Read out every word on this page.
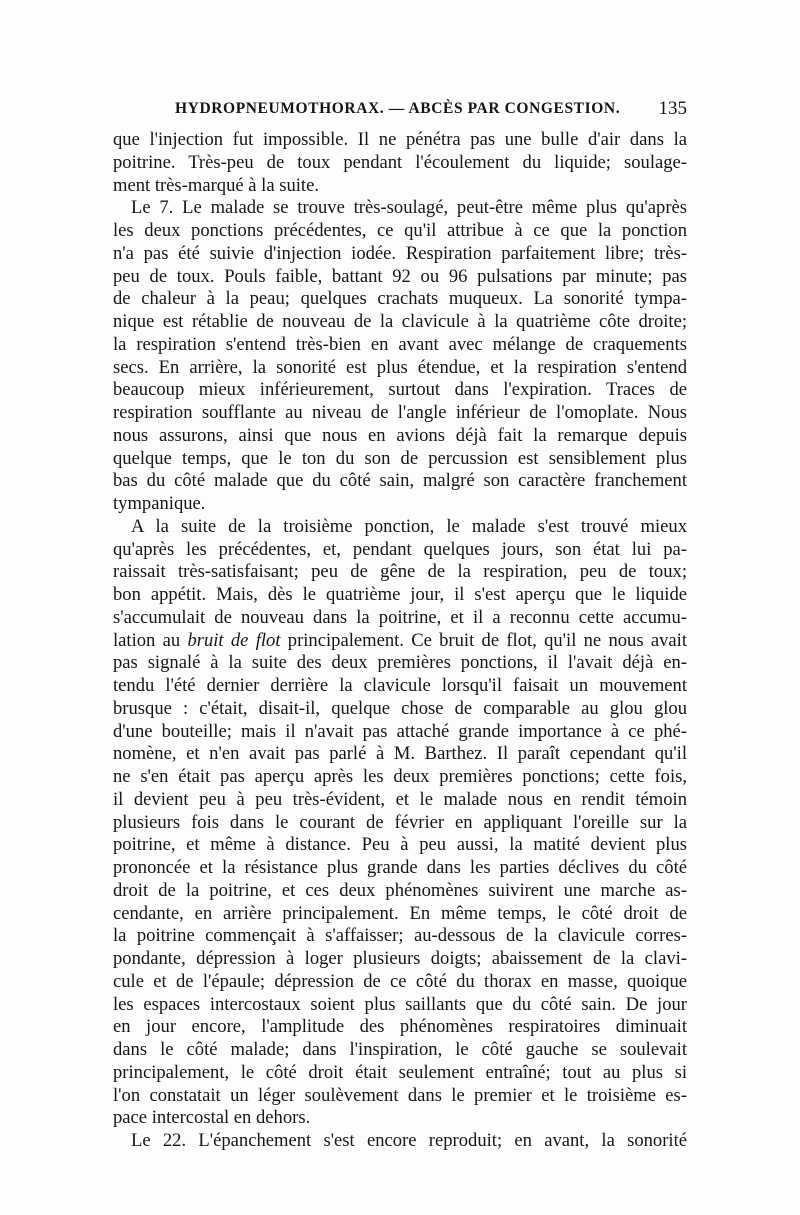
HYDROPNEUMOTHORAX. — ABCÈS PAR CONGESTION. 135
que l'injection fut impossible. Il ne pénétra pas une bulle d'air dans la
poitrine. Très-peu de toux pendant l'écoulement du liquide; soulage-
ment très-marqué à la suite.
Le 7. Le malade se trouve très-soulagé, peut-être même plus qu'après
les deux ponctions précédentes, ce qu'il attribue à ce que la ponction
n'a pas été suivie d'injection iodée. Respiration parfaitement libre; très-
peu de toux. Pouls faible, battant 92 ou 96 pulsations par minute; pas
de chaleur à la peau; quelques crachats muqueux. La sonorité tympa-
nique est rétablie de nouveau de la clavicule à la quatrième côte droite;
la respiration s'entend très-bien en avant avec mélange de craquements
secs. En arrière, la sonorité est plus étendue, et la respiration s'entend
beaucoup mieux inférieurement, surtout dans l'expiration. Traces de
respiration soufflante au niveau de l'angle inférieur de l'omoplate. Nous
nous assurons, ainsi que nous en avions déjà fait la remarque depuis
quelque temps, que le ton du son de percussion est sensiblement plus
bas du côté malade que du côté sain, malgré son caractère franchement
tympanique.
A la suite de la troisième ponction, le malade s'est trouvé mieux
qu'après les précédentes, et, pendant quelques jours, son état lui pa-
raissait très-satisfaisant; peu de gêne de la respiration, peu de toux;
bon appétit. Mais, dès le quatrième jour, il s'est aperçu que le liquide
s'accumulait de nouveau dans la poitrine, et il a reconnu cette accumu-
lation au bruit de flot principalement. Ce bruit de flot, qu'il ne nous avait
pas signalé à la suite des deux premières ponctions, il l'avait déjà en-
tendu l'été dernier derrière la clavicule lorsqu'il faisait un mouvement
brusque : c'était, disait-il, quelque chose de comparable au glou glou
d'une bouteille; mais il n'avait pas attaché grande importance à ce phé-
nomène, et n'en avait pas parlé à M. Barthez. Il paraît cependant qu'il
ne s'en était pas aperçu après les deux premières ponctions; cette fois,
il devient peu à peu très-évident, et le malade nous en rendit témoin
plusieurs fois dans le courant de février en appliquant l'oreille sur la
poitrine, et même à distance. Peu à peu aussi, la matité devient plus
prononcée et la résistance plus grande dans les parties déclives du côté
droit de la poitrine, et ces deux phénomènes suivirent une marche as-
cendante, en arrière principalement. En même temps, le côté droit de
la poitrine commençait à s'affaisser; au-dessous de la clavicule corres-
pondante, dépression à loger plusieurs doigts; abaissement de la clavi-
cule et de l'épaule; dépression de ce côté du thorax en masse, quoique
les espaces intercostaux soient plus saillants que du côté sain. De jour
en jour encore, l'amplitude des phénomènes respiratoires diminuait
dans le côté malade; dans l'inspiration, le côté gauche se soulevait
principalement, le côté droit était seulement entraîné; tout au plus si
l'on constatait un léger soulèvement dans le premier et le troisième es-
pace intercostal en dehors.
Le 22. L'épanchement s'est encore reproduit; en avant, la sonorité
